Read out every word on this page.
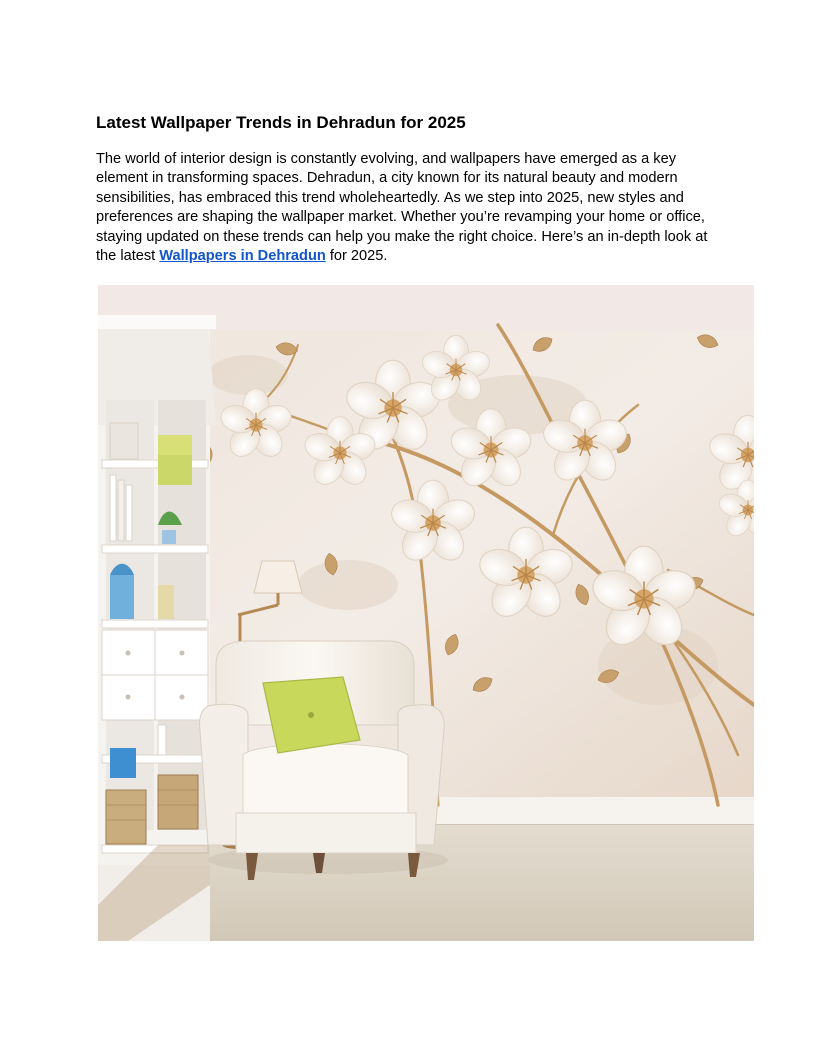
Latest Wallpaper Trends in Dehradun for 2025

The world of interior design is constantly evolving, and wallpapers have emerged as a key element in transforming spaces. Dehradun, a city known for its natural beauty and modern sensibilities, has embraced this trend wholeheartedly. As we step into 2025, new styles and preferences are shaping the wallpaper market. Whether you’re revamping your home or office, staying updated on these trends can help you make the right choice. Here’s an in-depth look at the latest Wallpapers in Dehradun for 2025.
